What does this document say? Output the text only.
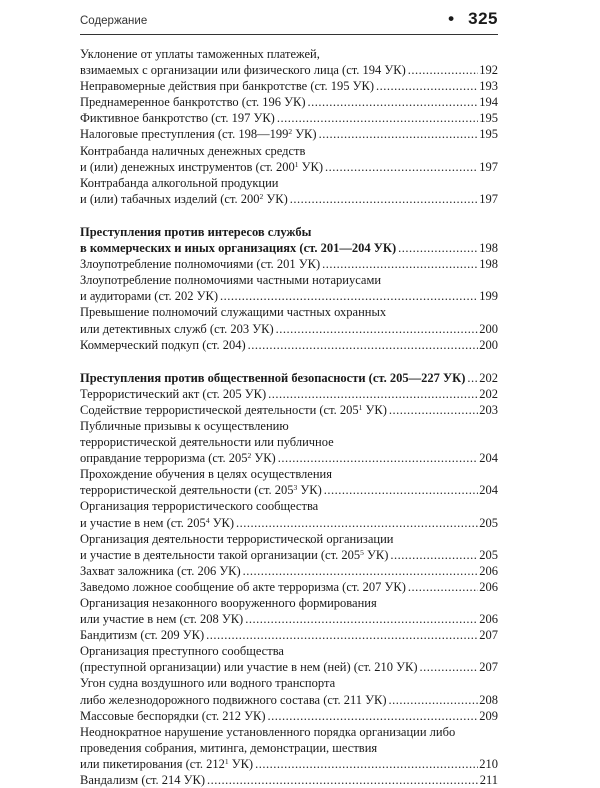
Содержание	• 325
Уклонение от уплаты таможенных платежей,
взимаемых с организации или физического лица (ст. 194 УК) .....	192
Неправомерные действия при банкротстве (ст. 195 УК) .....	193
Преднамеренное банкротство (ст. 196 УК) .....	194
Фиктивное банкротство (ст. 197 УК) .....	195
Налоговые преступления (ст. $198—199^2$ УК) .....	195
Контрабанда наличных денежных средств
и (или) денежных инструментов (ст. $200^1$ УК) .....	197
Контрабанда алкогольной продукции
и (или) табачных изделий (ст. $200^2$ УК) .....	197
Преступления против интересов службы
в коммерческих и иных организациях (ст. 201—204 УК) .....	198
Злоупотребление полномочиями (ст. 201 УК) .....	198
Злоупотребление полномочиями частными нотариусами
и аудиторами (ст. 202 УК) .....	199
Превышение полномочий служащими частных охранных
или детективных служб (ст. 203 УК) .....	200
Коммерческий подкуп (ст. 204) .....	200
Преступления против общественной безопасности (ст. 205—227 УК) ..... 202
Террористический акт (ст. 205 УК) .....	202
Содействие террористической деятельности (ст. $205^1$ УК) .....	203
Публичные призывы к осуществлению
террористической деятельности или публичное
оправдание терроризма (ст. $205^2$ УК) .....	204
Прохождение обучения в целях осуществления
террористической деятельности (ст. $205^3$ УК) .....	204
Организация террористического сообщества
и участие в нем (ст. $205^4$ УК) .....	205
Организация деятельности террористической организации
и участие в деятельности такой организации (ст. $205^5$ УК) .....	205
Захват заложника (ст. 206 УК) .....	206
Заведомо ложное сообщение об акте терроризма (ст. 207 УК) .....	206
Организация незаконного вооруженного формирования
или участие в нем (ст. 208 УК) .....	206
Бандитизм (ст. 209 УК) .....	207
Организация преступного сообщества
(преступной организации) или участие в нем (ней) (ст. 210 УК) .....	207
Угон судна воздушного или водного транспорта
либо железнодорожного подвижного состава (ст. 211 УК) .....	208
Массовые беспорядки (ст. 212 УК) .....	209
Неоднократное нарушение установленного порядка организации либо
проведения собрания, митинга, демонстрации, шествия
или пикетирования (ст. $212^1$ УК) .....	210
Вандализм (ст. 214 УК) .....	211
